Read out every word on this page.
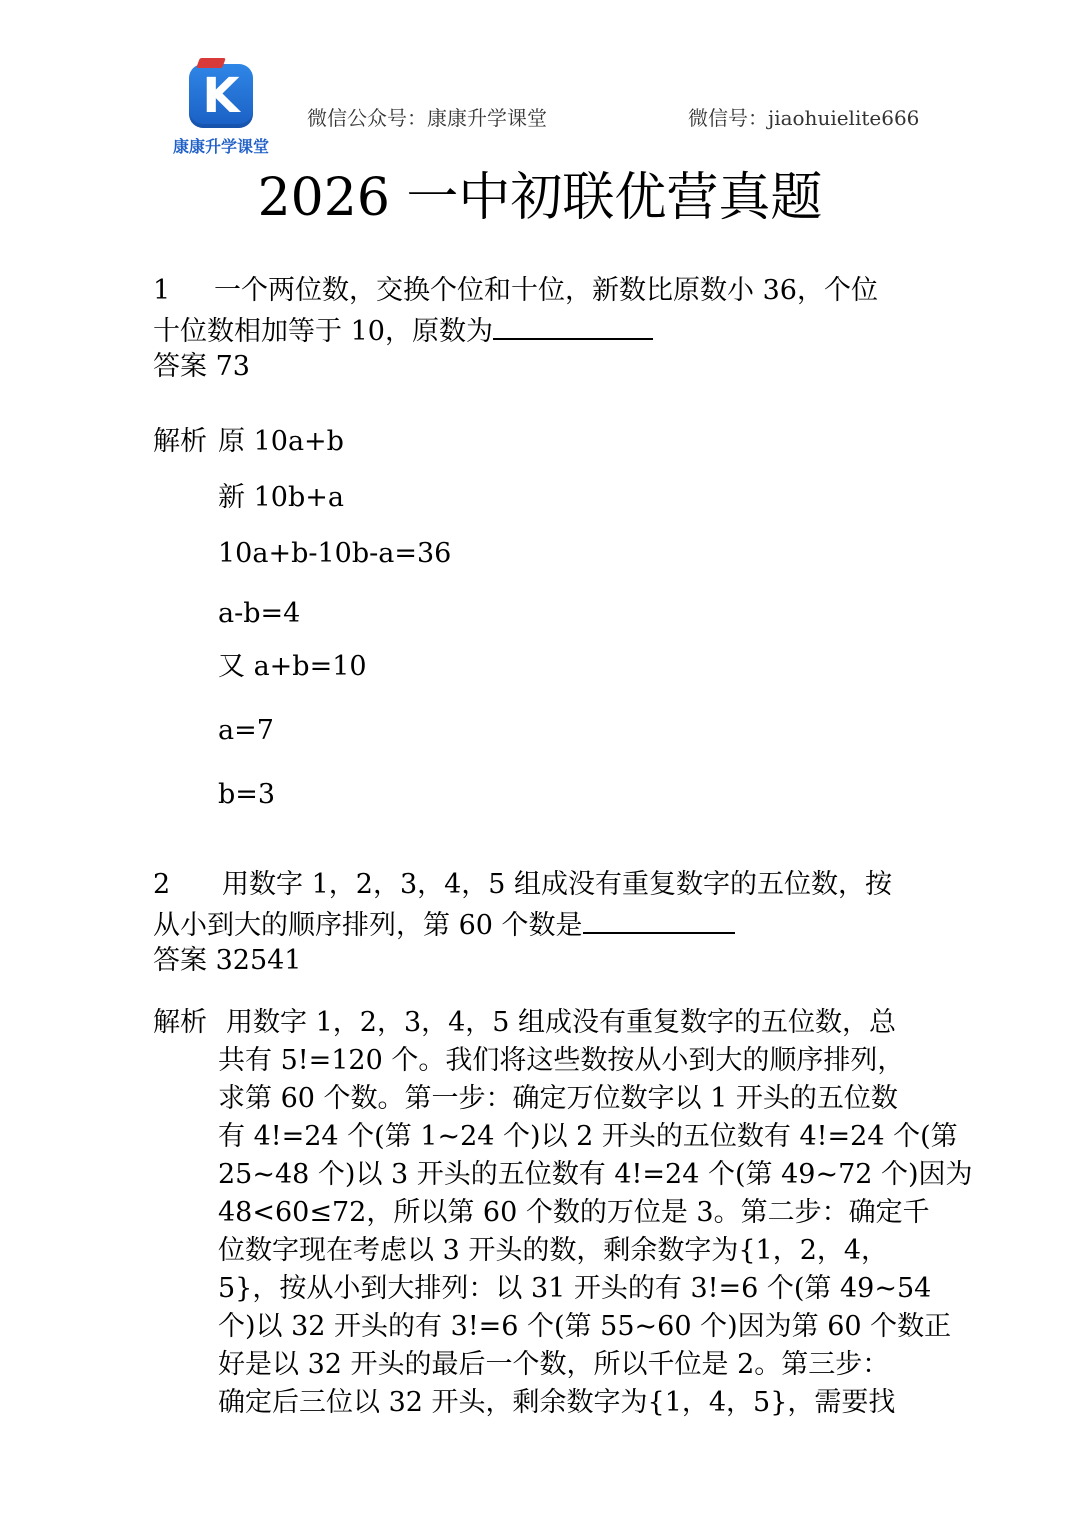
K
康康升学课堂
微信公众号：康康升学课堂	微信号：jiaohuielite666
2026 一中初联优营真题
1 一个两位数，交换个位和十位，新数比原数小 36，个位
十位数相加等于 10，原数为
答案 73
解析 原 10a+b
新 10b+a
10a+b-10b-a=36
a-b=4
又 a+b=10
a=7
b=3
2 用数字 1，2，3，4，5 组成没有重复数字的五位数，按
从小到大的顺序排列，第 60 个数是
答案 32541
解析 用数字 1，2，3，4，5 组成没有重复数字的五位数，总
共有 5!=120 个。我们将这些数按从小到大的顺序排列，
求第 60 个数。第一步：确定万位数字以 1 开头的五位数
有 4!=24 个(第 1~24 个)以 2 开头的五位数有 4!=24 个(第
25~48 个)以 3 开头的五位数有 4!=24 个(第 49~72 个)因为
48<60≤72，所以第 60 个数的万位是 3。第二步：确定千
位数字现在考虑以 3 开头的数，剩余数字为{1，2，4，
5}，按从小到大排列：以 31 开头的有 3!=6 个(第 49~54
个)以 32 开头的有 3!=6 个(第 55~60 个)因为第 60 个数正
好是以 32 开头的最后一个数，所以千位是 2。第三步：
确定后三位以 32 开头，剩余数字为{1，4，5}，需要找
